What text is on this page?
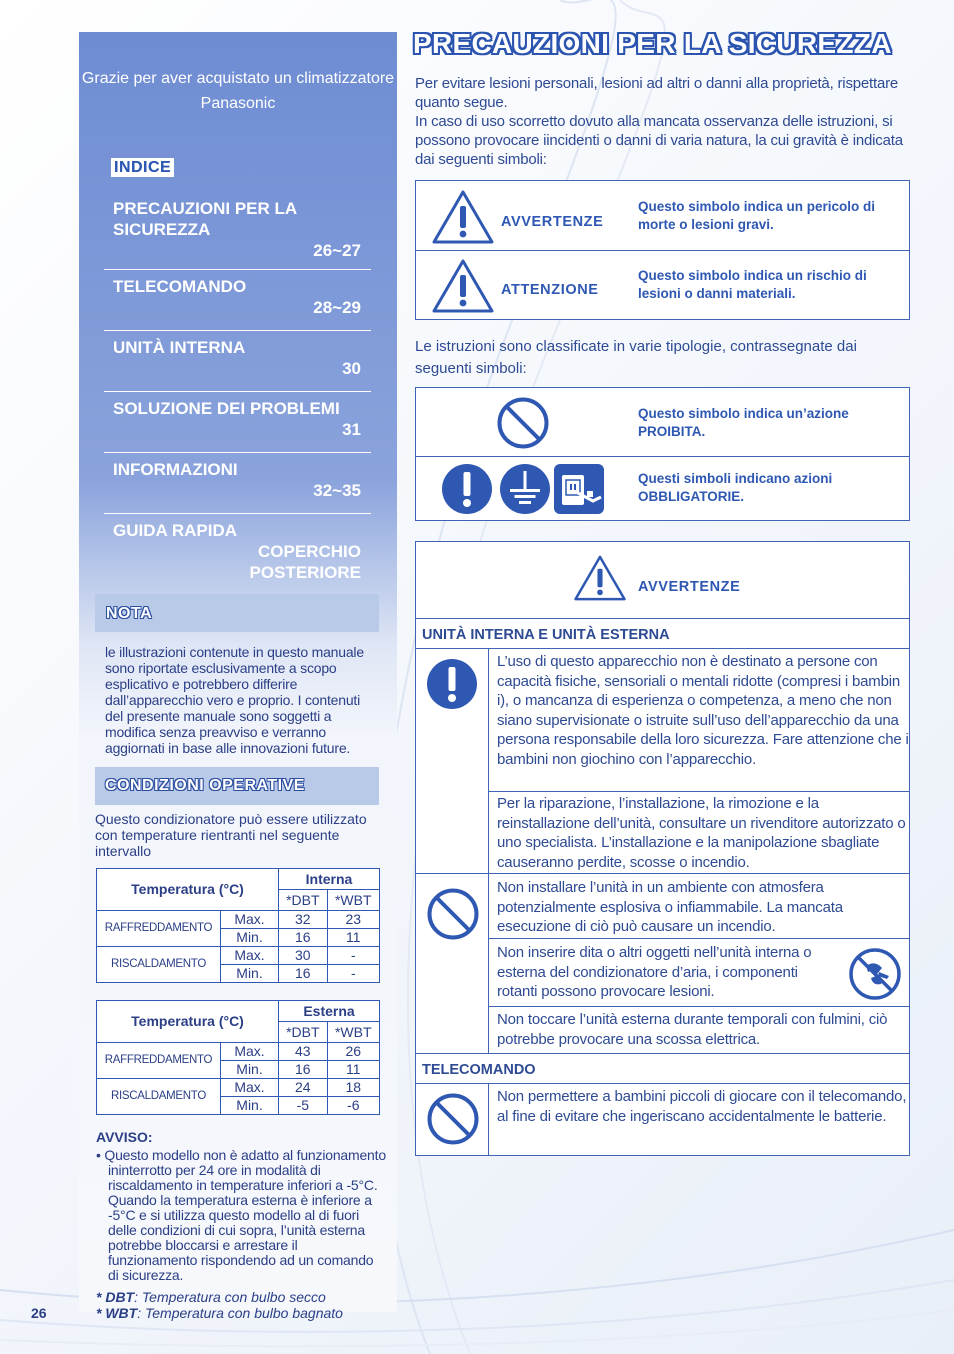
Grazie per aver acquistato un climatizzatore Panasonic
INDICE
PRECAUZIONI PER LA SICUREZZA
26~27
TELECOMANDO
28~29
UNITÀ INTERNA
30
SOLUZIONE DEI PROBLEMI
31
INFORMAZIONI
32~35
GUIDA RAPIDA
COPERCHIO POSTERIORE
NOTA
le illustrazioni contenute in questo manuale sono riportate esclusivamente a scopo esplicativo e potrebbero differire dall’apparecchio vero e proprio. I contenuti del presente manuale sono soggetti a modifica senza preavviso e verranno aggiornati in base alle innovazioni future.
CONDIZIONI OPERATIVE
Questo condizionatore può essere utilizzato con temperature rientranti nel seguente intervallo
Temperatura (°C)		Interna	
		*DBT	*WBT
RAFFREDDAMENTO	Max.	32	23
	Min.	16	11
RISCALDAMENTO	Max.	30	-
	Min.	16	-
Temperatura (°C)		Esterna	
		*DBT	*WBT
RAFFREDDAMENTO	Max.	43	26
	Min.	16	11
RISCALDAMENTO	Max.	24	18
	Min.	-5	-6
AVVISO:
• Questo modello non è adatto al funzionamento ininterrotto per 24 ore in modalità di riscaldamento in temperature inferiori a -5°C. Quando la temperatura esterna è inferiore a -5°C e si utilizza questo modello al di fuori delle condizioni di cui sopra, l’unità esterna potrebbe bloccarsi e arrestare il funzionamento rispondendo ad un comando di sicurezza.
* DBT: Temperatura con bulbo secco
* WBT: Temperatura con bulbo bagnato
26
PRECAUZIONI PER LA SICUREZZA
Per evitare lesioni personali, lesioni ad altri o danni alla proprietà, rispettare quanto segue.
In caso di uso scorretto dovuto alla mancata osservanza delle istruzioni, si possono provocare iincidenti o danni di varia natura, la cui gravità è indicata dai seguenti simboli:
AVVERTENZE
Questo simbolo indica un pericolo di morte o lesioni gravi.
ATTENZIONE
Questo simbolo indica un rischio di lesioni o danni materiali.
Le istruzioni sono classificate in varie tipologie, contrassegnate dai seguenti simboli:
Questo simbolo indica un’azione PROIBITA.
Questi simboli indicano azioni OBBLIGATORIE.
AVVERTENZE
UNITÀ INTERNA E UNITÀ ESTERNA
L’uso di questo apparecchio non è destinato a persone con capacità fisiche, sensoriali o mentali ridotte (compresi i bambin i), o mancanza di esperienza o competenza, a meno che non siano supervisionate o istruite sull’uso dell’apparecchio da una persona responsabile della loro sicurezza. Fare attenzione che i bambini non giochino con l’apparecchio.
Per la riparazione, l’installazione, la rimozione e la reinstallazione dell’unità, consultare un rivenditore autorizzato o uno specialista. L’installazione e la manipolazione sbagliate causeranno perdite, scosse o incendio.
Non installare l’unità in un ambiente con atmosfera potenzialmente esplosiva o infiammabile. La mancata esecuzione di ciò può causare un incendio.
Non inserire dita o altri oggetti nell’unità interna o esterna del condizionatore d’aria, i componenti rotanti possono provocare lesioni.
Non toccare l’unità esterna durante temporali con fulmini, ciò potrebbe provocare una scossa elettrica.
TELECOMANDO
Non permettere a bambini piccoli di giocare con il telecomando, al fine di evitare che ingeriscano accidentalmente le batterie.
